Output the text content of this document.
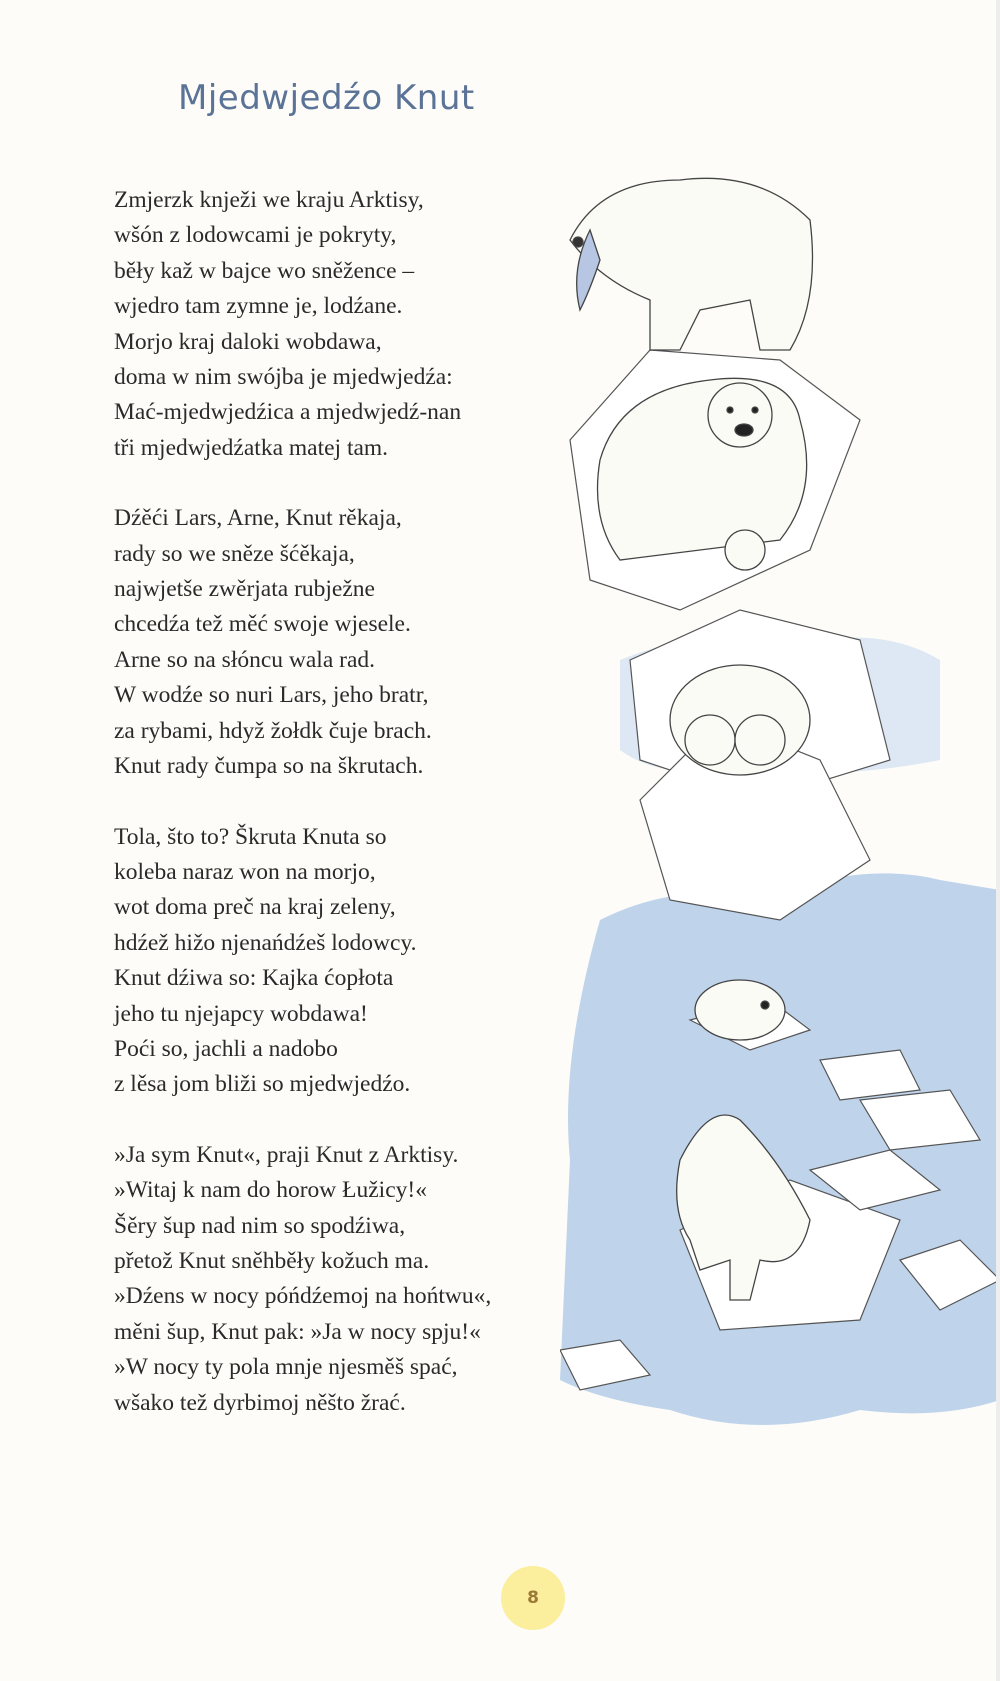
Mjedwjedźo Knut
Zmjerzk knježi we kraju Arktisy,
wšón z lodowcami je pokryty,
běły kaž w bajce wo sněžence –
wjedro tam zymne je, lodźane.
Morjo kraj daloki wobdawa,
doma w nim swójba je mjedwjedźa:
Mać-mjedwjedźica a mjedwjedź-nan
tři mjedwjedźatka matej tam.
Dźěći Lars, Arne, Knut rěkaja,
rady so we sněze šćěkaja,
najwjetše zwěrjata rubježne
chcedźa tež měć swoje wjesele.
Arne so na słóncu wala rad.
W wodźe so nuri Lars, jeho bratr,
za rybami, hdyž žołdk čuje brach.
Knut rady čumpa so na škrutach.
Tola, što to? Škruta Knuta so
koleba naraz won na morjo,
wot doma preč na kraj zeleny,
hdźež hižo njenańdźeš lodowcy.
Knut dźiwa so: Kajka ćopłota
jeho tu njejapcy wobdawa!
Poći so, jachli a nadobo
z lěsa jom bliži so mjedwjedźo.
»Ja sym Knut«, praji Knut z Arktisy.
»Witaj k nam do horow Łužicy!«
Šěry šup nad nim so spodźiwa,
přetož Knut sněhběły kožuch ma.
»Dźens w nocy póńdźemoj na hońtwu«,
měni šup, Knut pak: »Ja w nocy spju!«
»W nocy ty pola mnje njesměš spać,
wšako tež dyrbimoj něšto žrać.
8
